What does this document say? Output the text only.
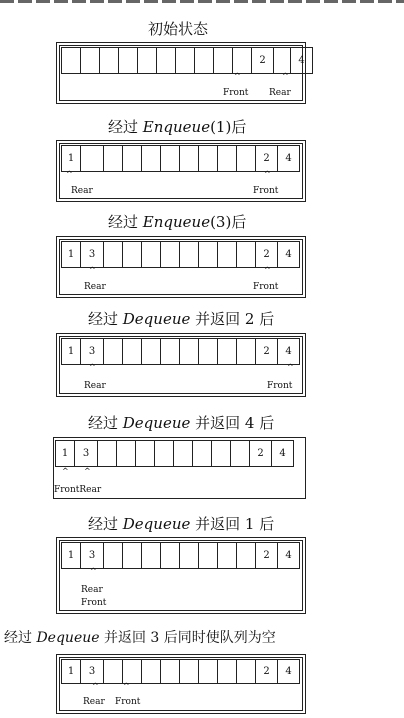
初始状态
2	4
^	^
Front Rear
经过 Enqueue(1)后
1	2	4
^	^
Rear	Front
经过 Enqueue(3)后
1	3	2	4
^	^
Rear	Front
经过 Dequeue 并返回 2 后
1	3	2	4
^	^
Rear	Front
经过 Dequeue 并返回 4 后
1	3	2	4
^ ^
FrontRear
经过 Dequeue 并返回 1 后
1	3	2	4
^
Rear
Front
经过 Dequeue 并返回 3 后同时使队列为空
1	3	2	4
^	^
Rear Front
